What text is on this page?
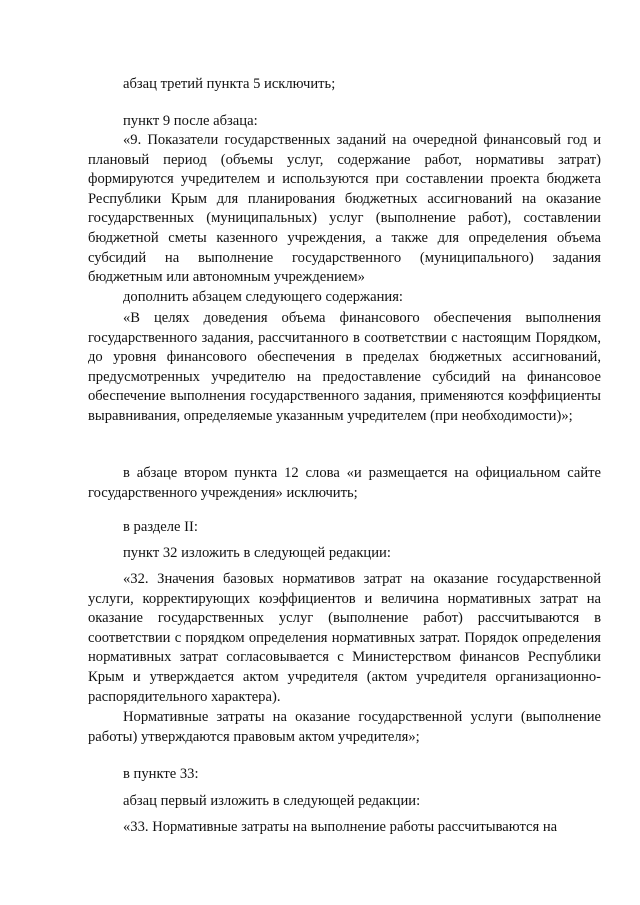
абзац третий пункта 5 исключить;
пункт 9 после абзаца:

«9. Показатели государственных заданий на очередной финансовый год и плановый период (объемы услуг, содержание работ, нормативы затрат) формируются учредителем и используются при составлении проекта бюджета Республики Крым для планирования бюджетных ассигнований на оказание государственных (муниципальных) услуг (выполнение работ), составлении бюджетной сметы казенного учреждения, а также для определения объема субсидий на выполнение государственного (муниципального) задания бюджетным или автономным учреждением»

дополнить абзацем следующего содержания:

«В целях доведения объема финансового обеспечения выполнения государственного задания, рассчитанного в соответствии с настоящим Порядком, до уровня финансового обеспечения в пределах бюджетных ассигнований, предусмотренных учредителю на предоставление субсидий на финансовое обеспечение выполнения государственного задания, применяются коэффициенты выравнивания, определяемые указанным учредителем (при необходимости)»;

в абзаце втором пункта 12 слова «и размещается на официальном сайте государственного учреждения» исключить;

в разделе II:
пункт 32 изложить в следующей редакции:

«32. Значения базовых нормативов затрат на оказание государственной услуги, корректирующих коэффициентов и величина нормативных затрат на оказание государственных услуг (выполнение работ) рассчитываются в соответствии с порядком определения нормативных затрат. Порядок определения нормативных затрат согласовывается с Министерством финансов Республики Крым и утверждается актом учредителя (актом учредителя организационно-распорядительного характера).

Нормативные затраты на оказание государственной услуги (выполнение работы) утверждаются правовым актом учредителя»;

в пункте 33:
абзац первый изложить в следующей редакции:

«33. Нормативные затраты на выполнение работы рассчитываются на
